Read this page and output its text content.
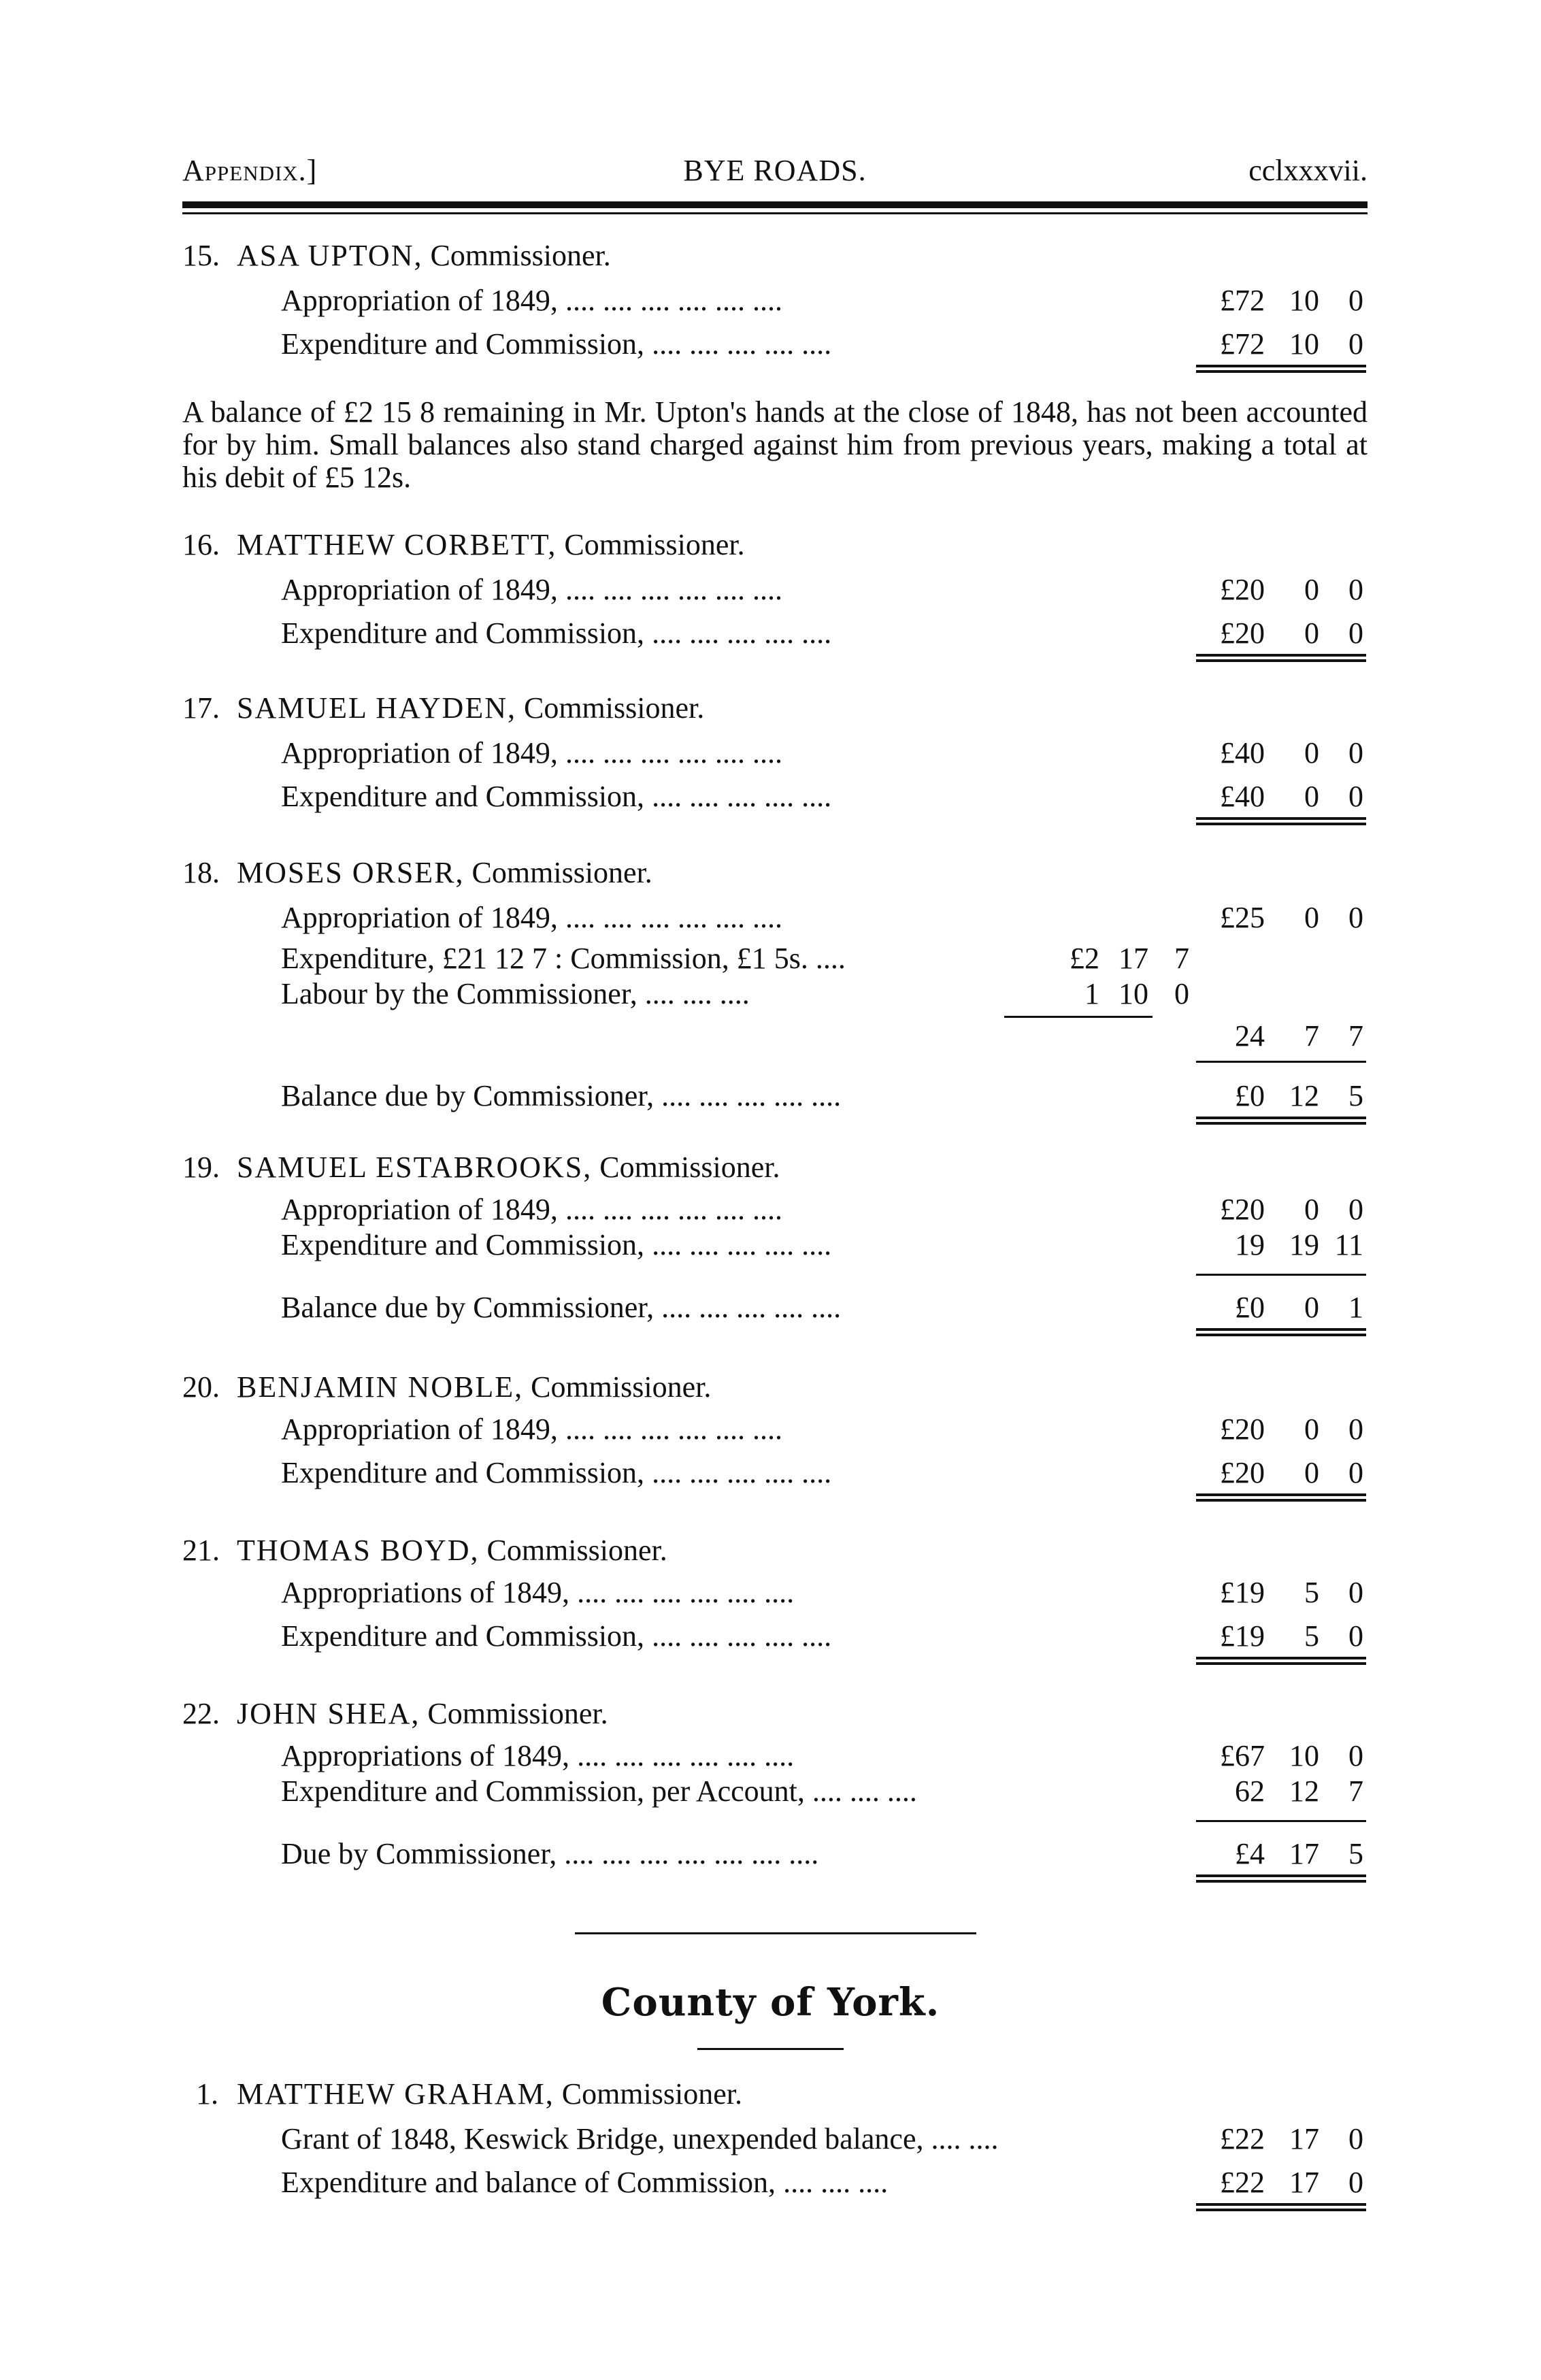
Appendix.]	BYE ROADS.	cclxxxvii.
15. ASA UPTON, Commissioner.
Appropriation of 1849, .... .... .... .... .... ....	£72 10 0
Expenditure and Commission, .... .... .... .... ....	£72 10 0
A balance of £2 15 8 remaining in Mr. Upton's hands at the close of 1848, has not been accounted for by him. Small balances also stand charged against him from previous years, making a total at his debit of £5 12s.
16. MATTHEW CORBETT, Commissioner.
Appropriation of 1849, .... .... .... .... .... ....	£20 0 0
Expenditure and Commission, .... .... .... .... ....	£20 0 0
17. SAMUEL HAYDEN, Commissioner.
Appropriation of 1849, .... .... .... .... .... ....	£40 0 0
Expenditure and Commission, .... .... .... .... ....	£40 0 0
18. MOSES ORSER, Commissioner.
Appropriation of 1849, .... .... .... .... .... ....	£25 0 0
Expenditure, £21 12 7 : Commission, £1 5s. ....	£2 17 7
Labour by the Commissioner, .... .... ....	1 10 0
24 7 7
Balance due by Commissioner, .... .... .... .... ....	£0 12 5
19. SAMUEL ESTABROOKS, Commissioner.
Appropriation of 1849, .... .... .... .... .... ....	£20 0 0
Expenditure and Commission, .... .... .... .... ....	19 19 11
Balance due by Commissioner, .... .... .... .... ....	£0 0 1
20. BENJAMIN NOBLE, Commissioner.
Appropriation of 1849, .... .... .... .... .... ....	£20 0 0
Expenditure and Commission, .... .... .... .... ....	£20 0 0
21. THOMAS BOYD, Commissioner.
Appropriations of 1849, .... .... .... .... .... ....	£19 5 0
Expenditure and Commission, .... .... .... .... ....	£19 5 0
22. JOHN SHEA, Commissioner.
Appropriations of 1849, .... .... .... .... .... ....	£67 10 0
Expenditure and Commission, per Account, .... .... ....	62 12 7
Due by Commissioner, .... .... .... .... .... .... ....	£4 17 5
County of York.
1. MATTHEW GRAHAM, Commissioner.
Grant of 1848, Keswick Bridge, unexpended balance, .... ....	£22 17 0
Expenditure and balance of Commission, .... .... ....	£22 17 0
